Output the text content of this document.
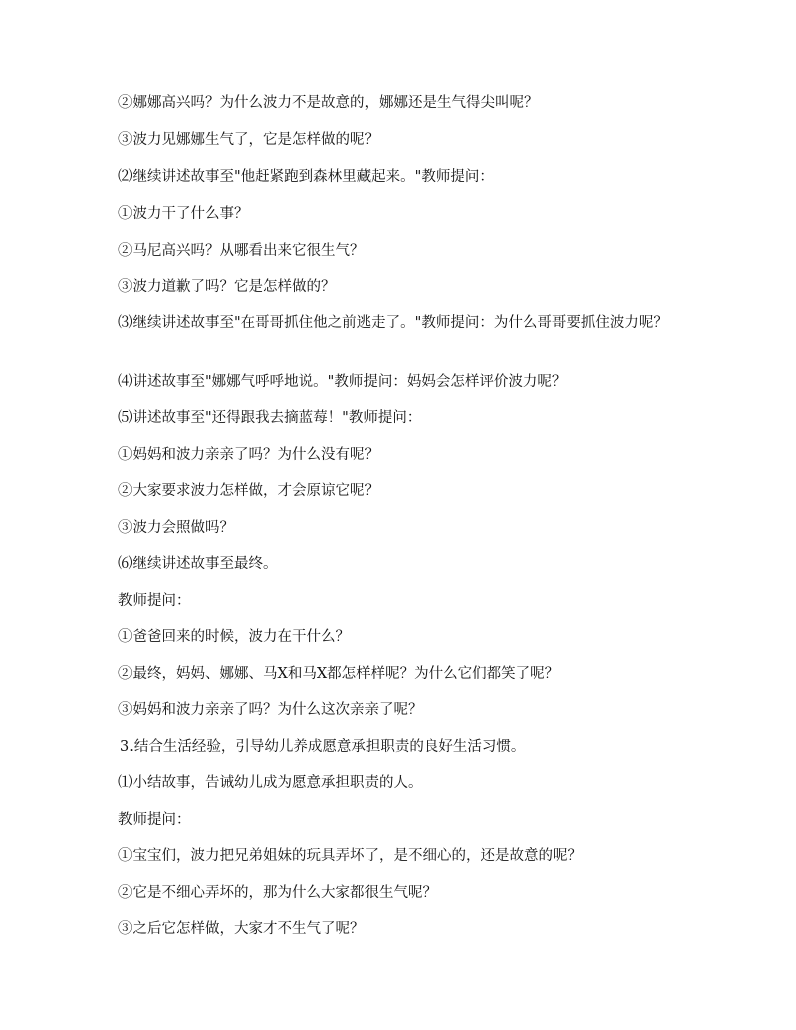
②娜娜高兴吗？为什么波力不是故意的，娜娜还是生气得尖叫呢？
③波力见娜娜生气了，它是怎样做的呢？
⑵继续讲述故事至"他赶紧跑到森林里藏起来。"教师提问：
①波力干了什么事？
②马尼高兴吗？从哪看出来它很生气？
③波力道歉了吗？它是怎样做的？
⑶继续讲述故事至"在哥哥抓住他之前逃走了。"教师提问：为什么哥哥要抓住波力呢？
⑷讲述故事至"娜娜气呼呼地说。"教师提问：妈妈会怎样评价波力呢？
⑸讲述故事至"还得跟我去摘蓝莓！"教师提问：
①妈妈和波力亲亲了吗？为什么没有呢？
②大家要求波力怎样做，才会原谅它呢？
③波力会照做吗？
⑹继续讲述故事至最终。
教师提问：
①爸爸回来的时候，波力在干什么？
②最终，妈妈、娜娜、马X和马X都怎样样呢？为什么它们都笑了呢？
③妈妈和波力亲亲了吗？为什么这次亲亲了呢？
3.结合生活经验，引导幼儿养成愿意承担职责的良好生活习惯。
⑴小结故事，告诫幼儿成为愿意承担职责的人。
教师提问：
①宝宝们，波力把兄弟姐妹的玩具弄坏了，是不细心的，还是故意的呢？
②它是不细心弄坏的，那为什么大家都很生气呢？
③之后它怎样做，大家才不生气了呢？
